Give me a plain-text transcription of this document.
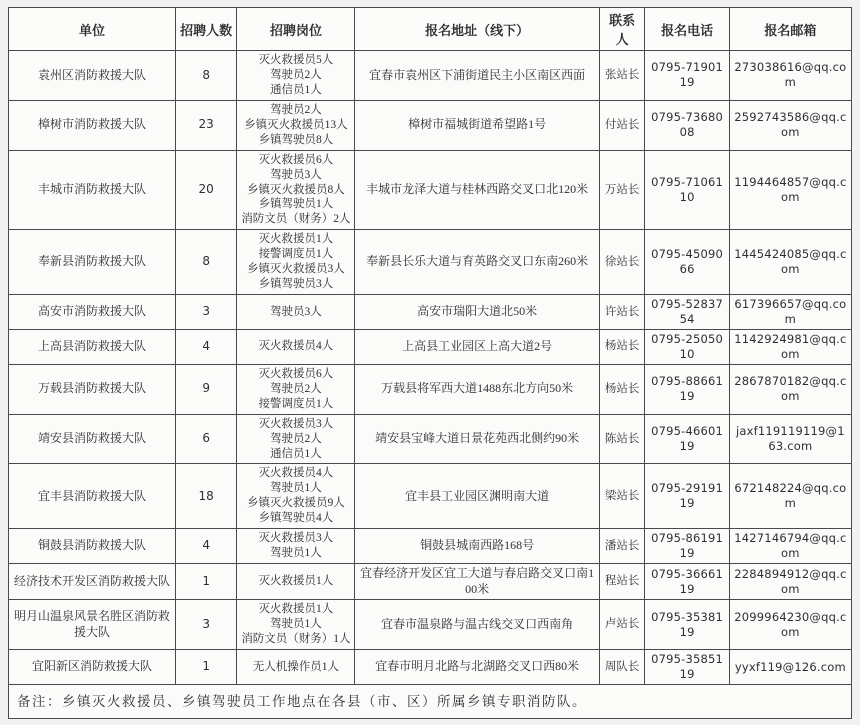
单位	招聘人数	招聘岗位	报名地址（线下）	联系人	报名电话	报名邮箱
袁州区消防救援大队	8	灭火救援员5人
驾驶员2人
通信员1人	宜春市袁州区下浦街道民主小区南区西面	张站长	0795-7190119	273038616@qq.com
樟树市消防救援大队	23	驾驶员2人
乡镇灭火救援员13人
乡镇驾驶员8人	樟树市福城街道希望路1号	付站长	0795-7368008	2592743586@qq.com
丰城市消防救援大队	20	灭火救援员6人
驾驶员3人
乡镇灭火救援员8人
乡镇驾驶员1人
消防文员（财务）2人	丰城市龙泽大道与桂林西路交叉口北120米	万站长	0795-7106110	1194464857@qq.com
奉新县消防救援大队	8	灭火救援员1人
接警调度员1人
乡镇灭火救援员3人
乡镇驾驶员3人	奉新县长乐大道与育英路交叉口东南260米	徐站长	0795-4509066	1445424085@qq.com
高安市消防救援大队	3	驾驶员3人	高安市瑞阳大道北50米	许站长	0795-5283754	617396657@qq.com
上高县消防救援大队	4	灭火救援员4人	上高县工业园区上高大道2号	杨站长	0795-2505010	1142924981@qq.com
万载县消防救援大队	9	灭火救援员6人
驾驶员2人
接警调度员1人	万载县将军西大道1488东北方向50米	杨站长	0795-8866119	2867870182@qq.com
靖安县消防救援大队	6	灭火救援员3人
驾驶员2人
通信员1人	靖安县宝峰大道日景花苑西北侧约90米	陈站长	0795-4660119	jaxf119119119@163.com
宜丰县消防救援大队	18	灭火救援员4人
驾驶员1人
乡镇灭火救援员9人
乡镇驾驶员4人	宜丰县工业园区渊明南大道	梁站长	0795-2919119	672148224@qq.com
铜鼓县消防救援大队	4	灭火救援员3人
驾驶员1人	铜鼓县城南西路168号	潘站长	0795-8619119	1427146794@qq.com
经济技术开发区消防救援大队	1	灭火救援员1人	宜春经济开发区宜工大道与春启路交叉口南100米	程站长	0795-3666119	2284894912@qq.com
明月山温泉风景名胜区消防救援大队	3	灭火救援员1人
驾驶员1人
消防文员（财务）1人	宜春市温泉路与温古线交叉口西南角	卢站长	0795-3538119	2099964230@qq.com
宜阳新区消防救援大队	1	无人机操作员1人	宜春市明月北路与北湖路交叉口西80米	周队长	0795-3585119	yyxf119@126.com
备注：乡镇灭火救援员、乡镇驾驶员工作地点在各县（市、区）所属乡镇专职消防队。						
